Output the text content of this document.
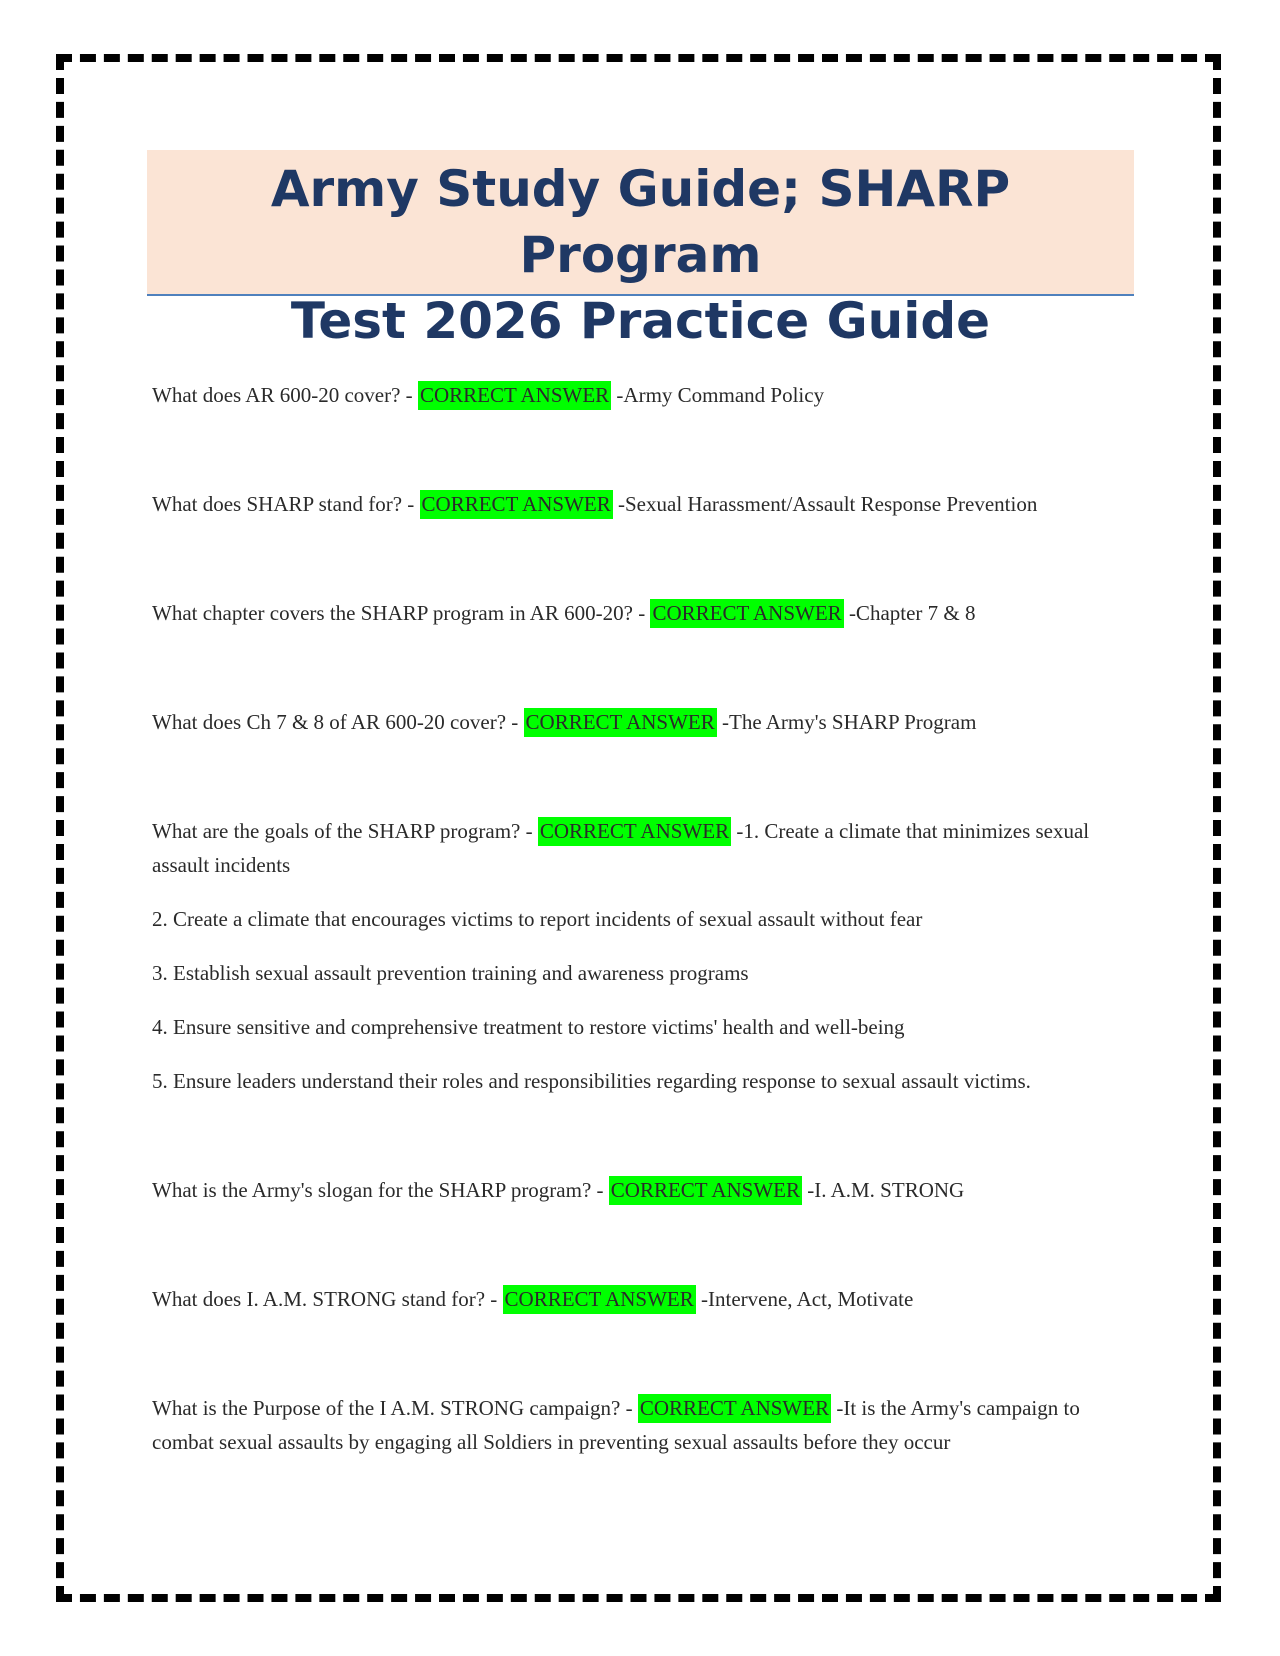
Army Study Guide; SHARP Program
Test 2026 Practice Guide

What does AR 600-20 cover? - CORRECT ANSWER -Army Command Policy

What does SHARP stand for? - CORRECT ANSWER -Sexual Harassment/Assault Response Prevention

What chapter covers the SHARP program in AR 600-20? - CORRECT ANSWER -Chapter 7 & 8

What does Ch 7 & 8 of AR 600-20 cover? - CORRECT ANSWER -The Army's SHARP Program

What are the goals of the SHARP program? - CORRECT ANSWER -1. Create a climate that minimizes sexual assault incidents

2. Create a climate that encourages victims to report incidents of sexual assault without fear

3. Establish sexual assault prevention training and awareness programs

4. Ensure sensitive and comprehensive treatment to restore victims' health and well-being

5. Ensure leaders understand their roles and responsibilities regarding response to sexual assault victims.

What is the Army's slogan for the SHARP program? - CORRECT ANSWER -I. A.M. STRONG

What does I. A.M. STRONG stand for? - CORRECT ANSWER -Intervene, Act, Motivate

What is the Purpose of the I A.M. STRONG campaign? - CORRECT ANSWER -It is the Army's campaign to combat sexual assaults by engaging all Soldiers in preventing sexual assaults before they occur
